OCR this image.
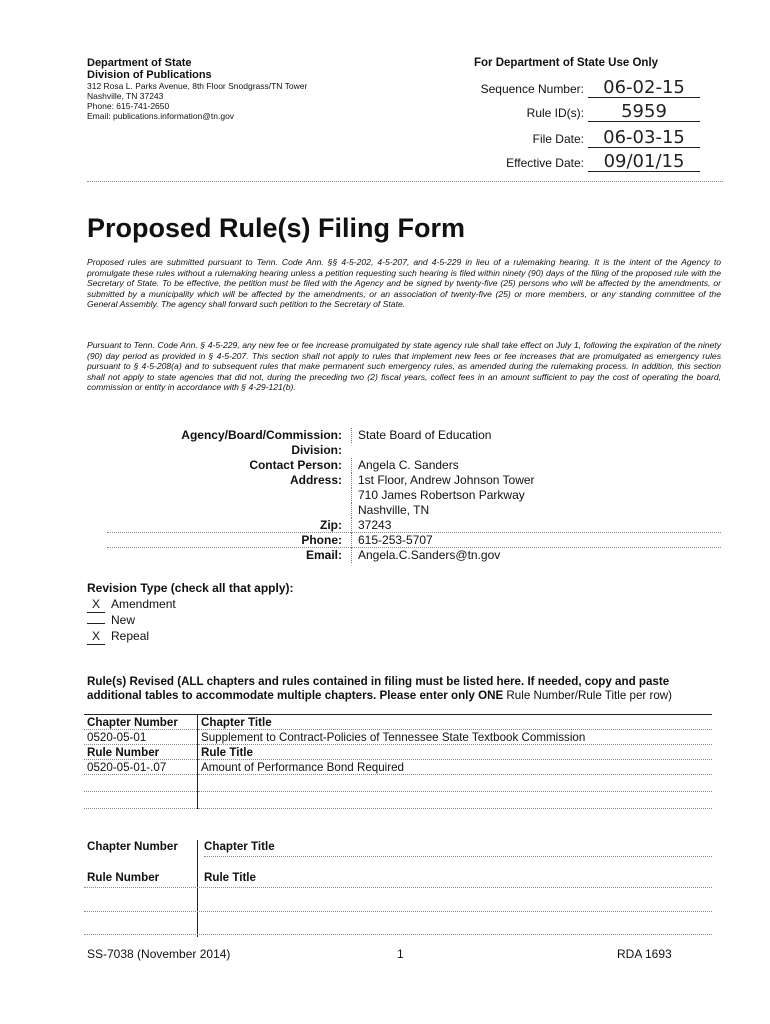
Department of State
Division of Publications
312 Rosa L. Parks Avenue, 8th Floor Snodgrass/TN Tower
Nashville, TN 37243
Phone: 615-741-2650
Email: publications.information@tn.gov
For Department of State Use Only
Sequence Number: 06-02-15
Rule ID(s): 5959
File Date: 06-03-15
Effective Date: 09/01/15
Proposed Rule(s) Filing Form
Proposed rules are submitted pursuant to Tenn. Code Ann. §§ 4-5-202, 4-5-207, and 4-5-229 in lieu of a rulemaking hearing. It is the intent of the Agency to promulgate these rules without a rulemaking hearing unless a petition requesting such hearing is filed within ninety (90) days of the filing of the proposed rule with the Secretary of State. To be effective, the petition must be filed with the Agency and be signed by twenty-five (25) persons who will be affected by the amendments, or submitted by a municipality which will be affected by the amendments, or an association of twenty-five (25) or more members, or any standing committee of the General Assembly. The agency shall forward such petition to the Secretary of State.
Pursuant to Tenn. Code Ann. § 4-5-229, any new fee or fee increase promulgated by state agency rule shall take effect on July 1, following the expiration of the ninety (90) day period as provided in § 4-5-207. This section shall not apply to rules that implement new fees or fee increases that are promulgated as emergency rules pursuant to § 4-5-208(a) and to subsequent rules that make permanent such emergency rules, as amended during the rulemaking process. In addition, this section shall not apply to state agencies that did not, during the preceding two (2) fiscal years, collect fees in an amount sufficient to pay the cost of operating the board, commission or entity in accordance with § 4-29-121(b).
Agency/Board/Commission:	State Board of Education
Division:
Contact Person:	Angela C. Sanders
Address:	1st Floor, Andrew Johnson Tower
710 James Robertson Parkway
Nashville, TN
Zip:	37243
Phone:	615-253-5707
Email:	Angela.C.Sanders@tn.gov
Revision Type (check all that apply):
X Amendment
New
X Repeal
Rule(s) Revised (ALL chapters and rules contained in filing must be listed here. If needed, copy and paste additional tables to accommodate multiple chapters. Please enter only ONE Rule Number/Rule Title per row)
Chapter Number	Chapter Title
0520-05-01	Supplement to Contract-Policies of Tennessee State Textbook Commission
Rule Number	Rule Title
0520-05-01-.07	Amount of Performance Bond Required

Chapter Number Chapter Title
Rule Number	Rule Title
SS-7038 (November 2014)	1	RDA 1693
